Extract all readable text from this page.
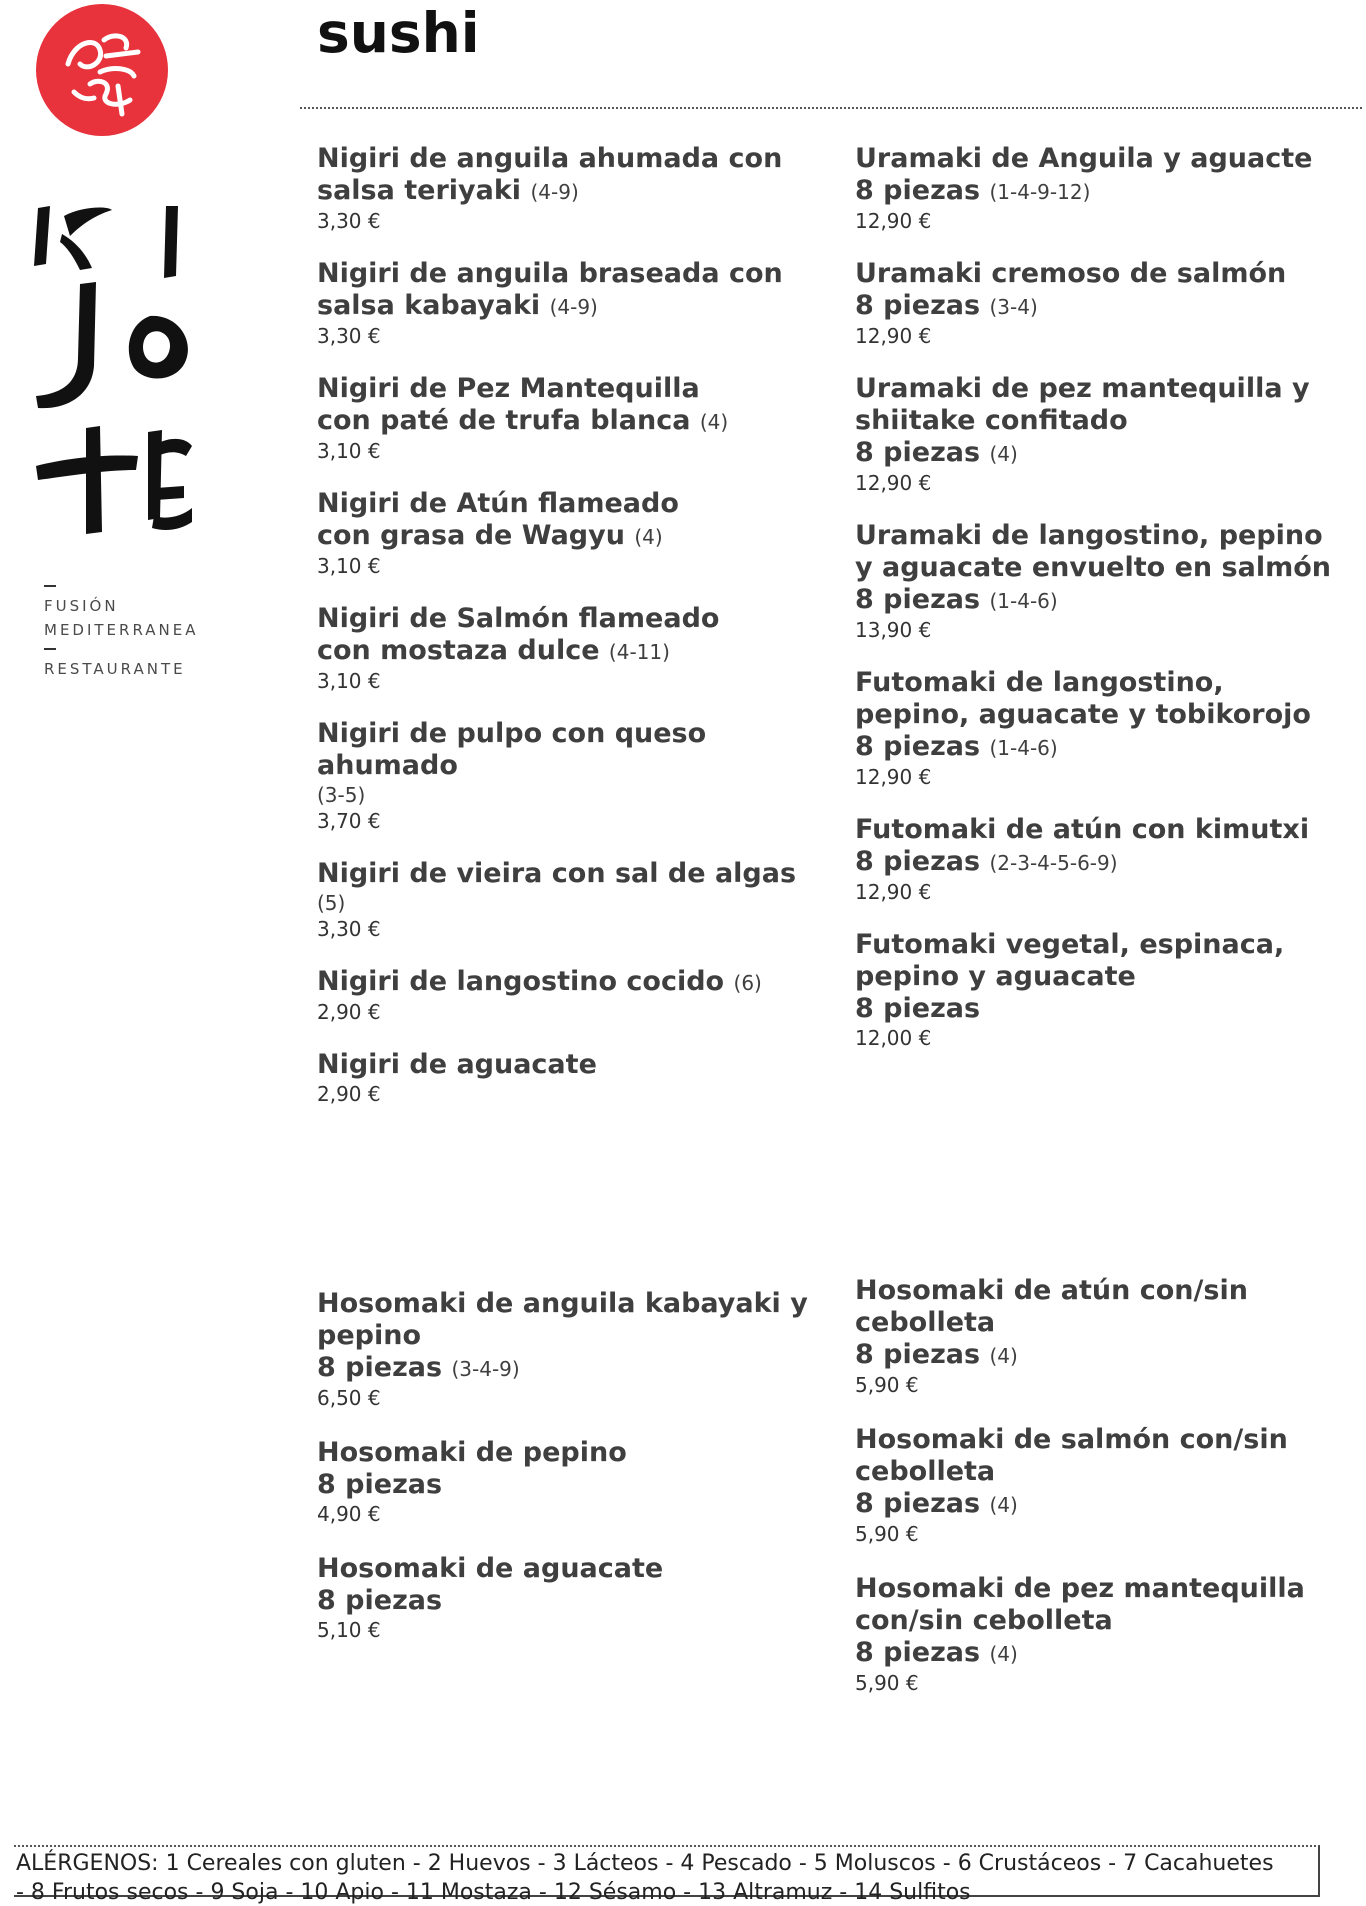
FUSIÓN
MEDITERRANEA
RESTAURANTE
sushi
Nigiri de anguila ahumada con
salsa teriyaki (4-9)
3,30 €
Nigiri de anguila braseada con
salsa kabayaki (4-9)
3,30 €
Nigiri de Pez Mantequilla
con paté de trufa blanca (4)
3,10 €
Nigiri de Atún flameado
con grasa de Wagyu (4)
3,10 €
Nigiri de Salmón flameado
con mostaza dulce (4-11)
3,10 €
Nigiri de pulpo con queso
ahumado
(3-5)
3,70 €
Nigiri de vieira con sal de algas
(5)
3,30 €
Nigiri de langostino cocido (6)
2,90 €
Nigiri de aguacate
2,90 €
Uramaki de Anguila y aguacte
8 piezas (1-4-9-12)
12,90 €
Uramaki cremoso de salmón
8 piezas (3-4)
12,90 €
Uramaki de pez mantequilla y
shiitake confitado
8 piezas (4)
12,90 €
Uramaki de langostino, pepino
y aguacate envuelto en salmón
8 piezas (1-4-6)
13,90 €
Futomaki de langostino,
pepino, aguacate y tobikorojo
8 piezas (1-4-6)
12,90 €
Futomaki de atún con kimutxi
8 piezas (2-3-4-5-6-9)
12,90 €
Futomaki vegetal, espinaca,
pepino y aguacate
8 piezas
12,00 €
Hosomaki de anguila kabayaki y
pepino
8 piezas (3-4-9)
6,50 €
Hosomaki de pepino
8 piezas
4,90 €
Hosomaki de aguacate
8 piezas
5,10 €
Hosomaki de atún con/sin
cebolleta
8 piezas (4)
5,90 €
Hosomaki de salmón con/sin
cebolleta
8 piezas (4)
5,90 €
Hosomaki de pez mantequilla
con/sin cebolleta
8 piezas (4)
5,90 €

ALÉRGENOS: 1 Cereales con gluten - 2 Huevos - 3 Lácteos - 4 Pescado - 5 Moluscos - 6 Crustáceos - 7 Cacahuetes

- 8 Frutos secos - 9 Soja - 10 Apio - 11 Mostaza - 12 Sésamo - 13 Altramuz - 14 Sulfitos
